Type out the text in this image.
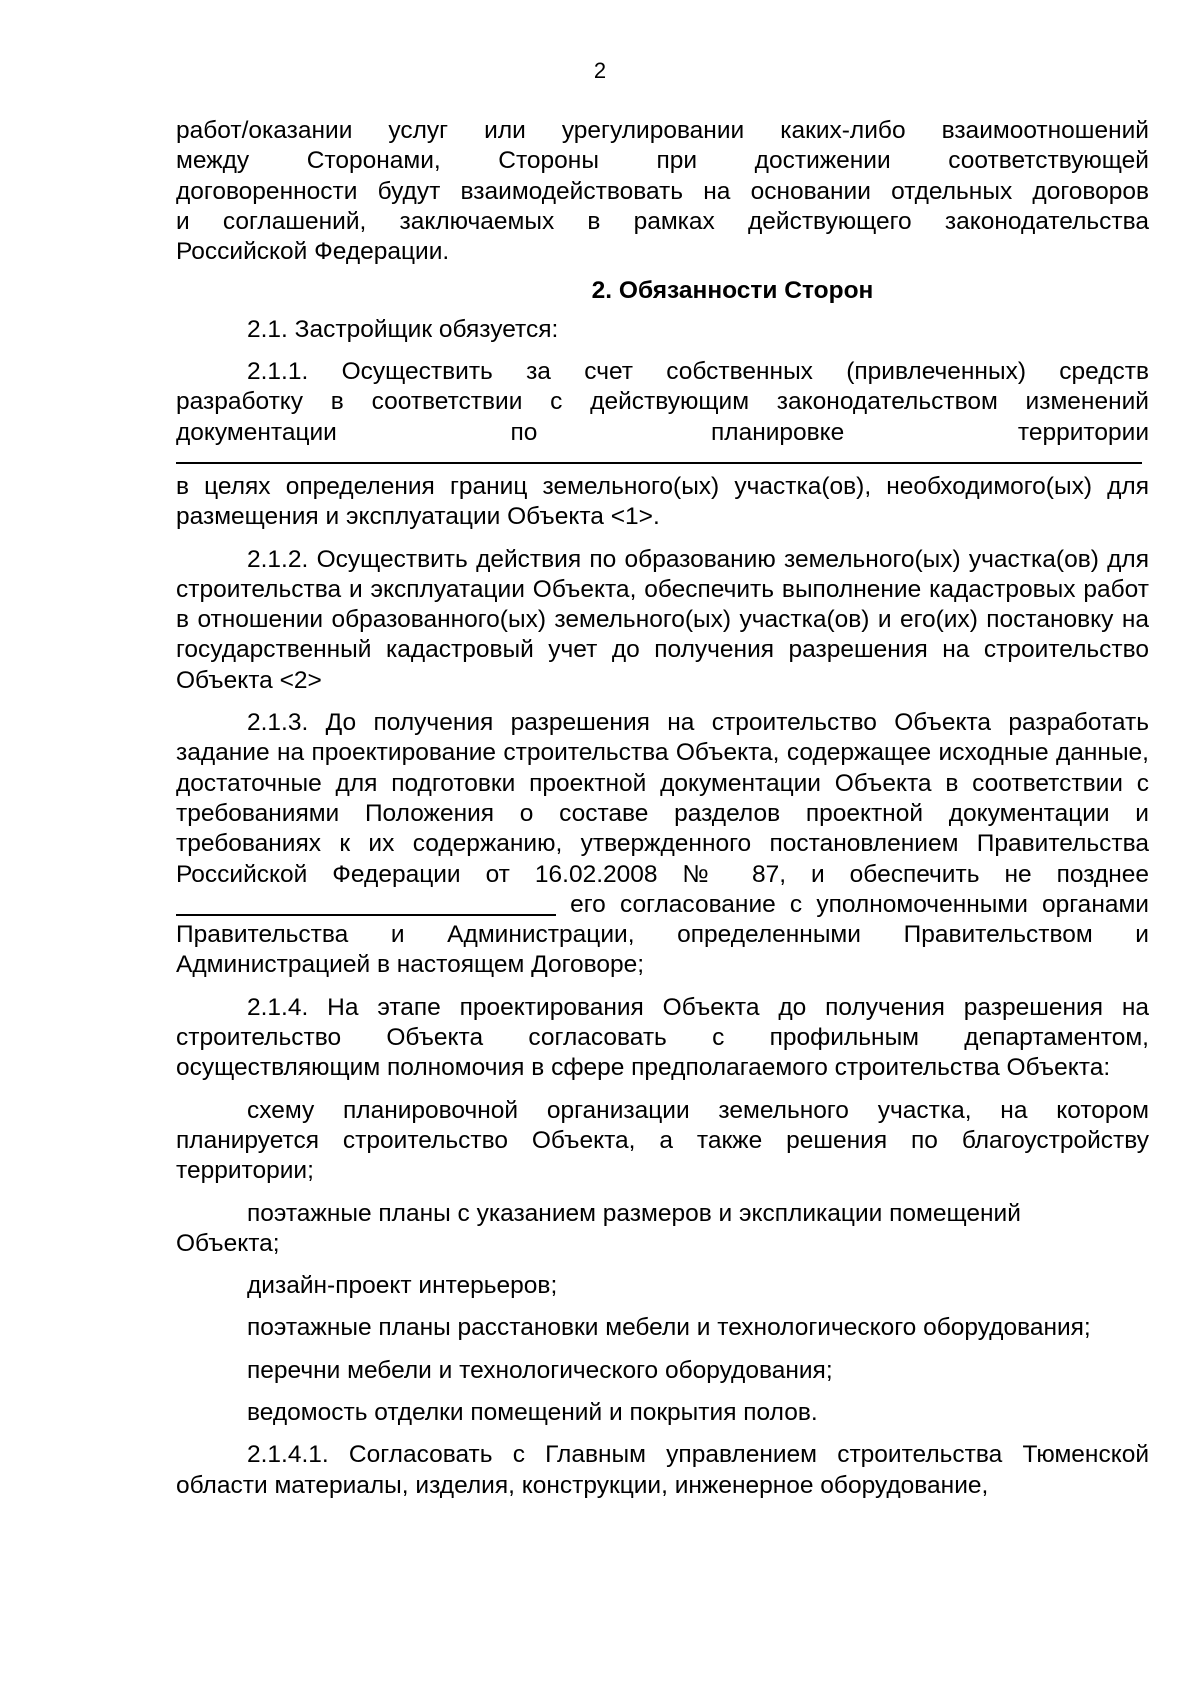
2

работ/оказании услуг или урегулировании каких-либо взаимоотношений

между Сторонами, Стороны при достижении соответствующей

договоренности будут взаимодействовать на основании отдельных договоров

и соглашений, заключаемых в рамках действующего законодательства

Российской Федерации.

2. Обязанности Сторон

2.1. Застройщик обязуется:

2.1.1. Осуществить за счет собственных (привлеченных) средств

разработку в соответствии с действующим законодательством изменений

документации по планировке территории

в целях определения границ земельного(ых) участка(ов), необходимого(ых) для размещения и эксплуатации Объекта <1>.

2.1.2. Осуществить действия по образованию земельного(ых) участка(ов) для строительства и эксплуатации Объекта, обеспечить выполнение кадастровых работ в отношении образованного(ых) земельного(ых) участка(ов) и его(их) постановку на государственный кадастровый учет до получения разрешения на строительство Объекта <2>

2.1.3. До получения разрешения на строительство Объекта разработать задание на проектирование строительства Объекта, содержащее исходные данные, достаточные для подготовки проектной документации Объекта в соответствии с требованиями Положения о составе разделов проектной документации и требованиях к их содержанию, утвержденного постановлением Правительства Российской Федерации от 16.02.2008 № 87, и обеспечить не позднее  его согласование с уполномоченными органами Правительства и Администрации, определенными Правительством и Администрацией в настоящем Договоре;

2.1.4. На этапе проектирования Объекта до получения разрешения на строительство Объекта согласовать с профильным департаментом, осуществляющим полномочия в сфере предполагаемого строительства Объекта:

схему планировочной организации земельного участка, на котором планируется строительство Объекта, а также решения по благоустройству территории;

поэтажные планы с указанием размеров и экспликации помещений Объекта;

дизайн-проект интерьеров;

поэтажные планы расстановки мебели и технологического оборудования;

перечни мебели и технологического оборудования;

ведомость отделки помещений и покрытия полов.

2.1.4.1. Согласовать с Главным управлением строительства Тюменской области материалы, изделия, конструкции, инженерное оборудование,
